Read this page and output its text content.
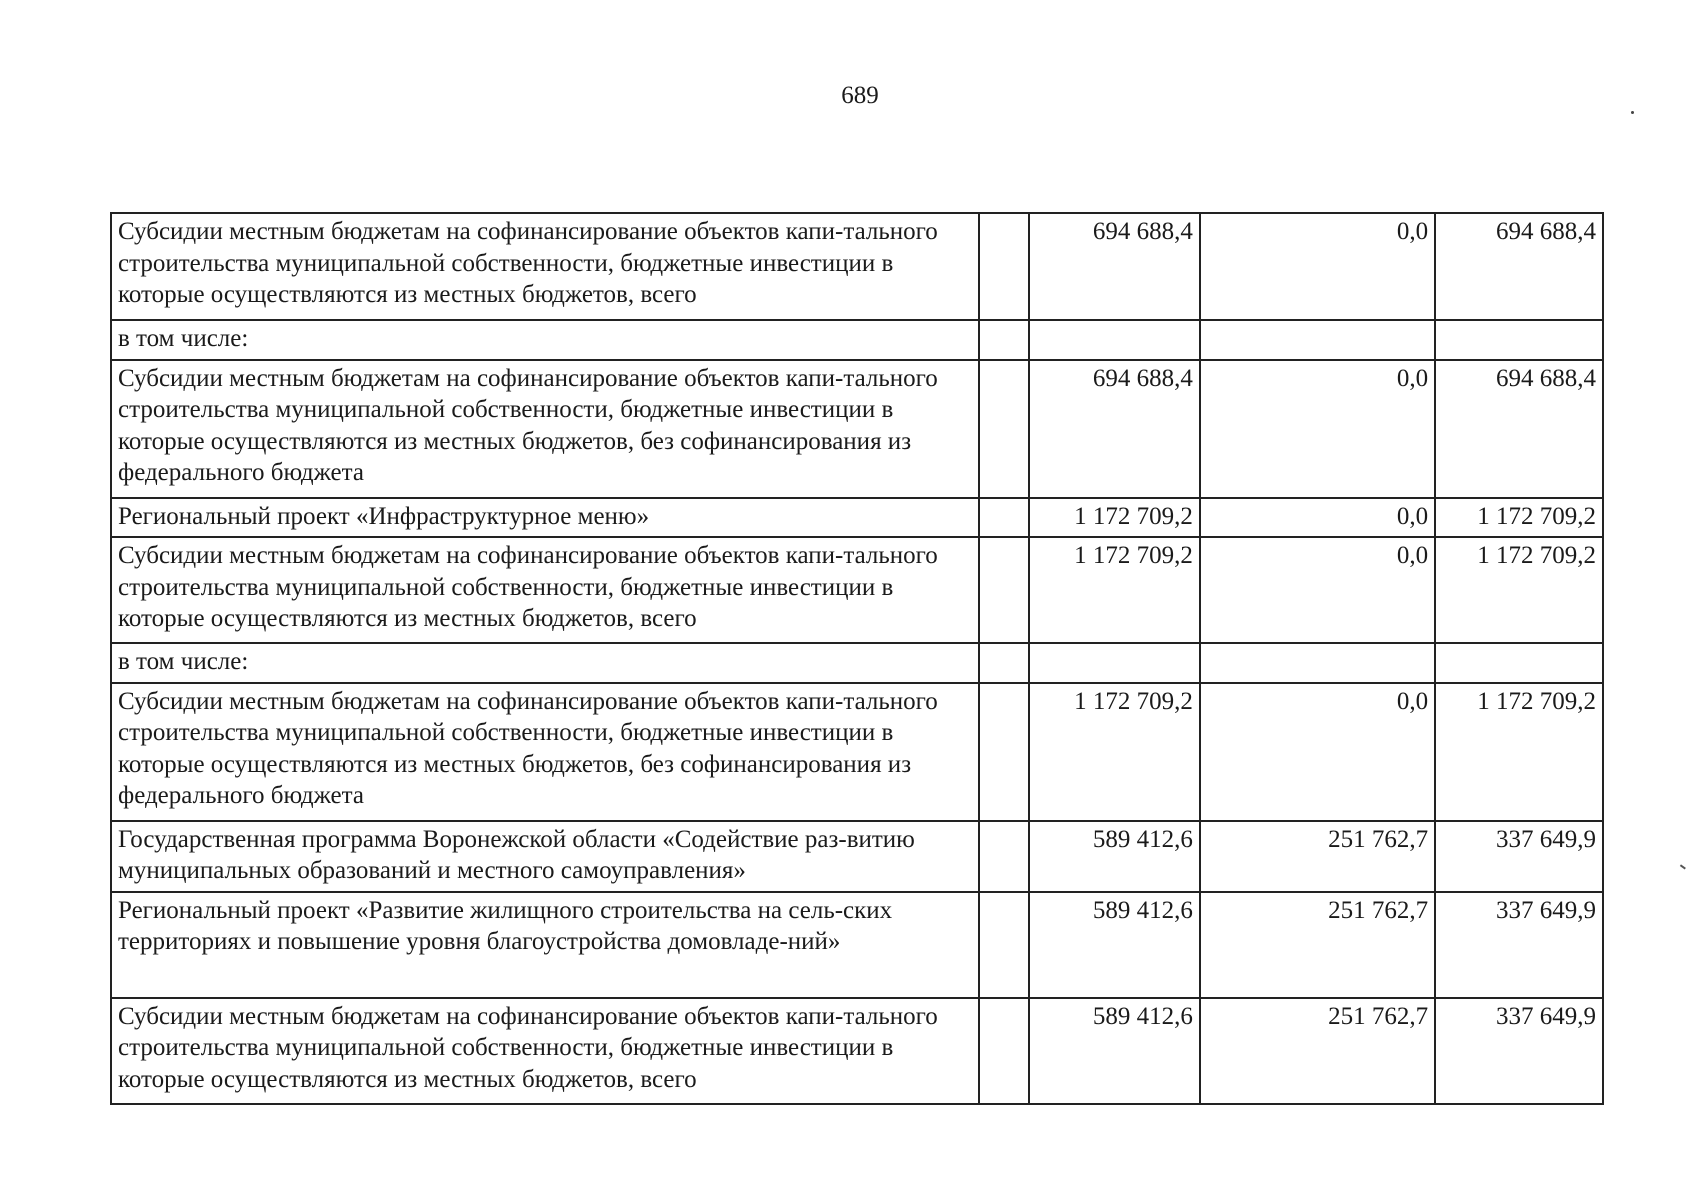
689
Субсидии местным бюджетам на софинансирование объектов капи-тального строительства муниципальной собственности, бюджетные инвестиции в которые осуществляются из местных бюджетов, всего		694 688,4	0,0	694 688,4
в том числе:				
Субсидии местным бюджетам на софинансирование объектов капи-тального строительства муниципальной собственности, бюджетные инвестиции в которые осуществляются из местных бюджетов, без софинансирования из федерального бюджета		694 688,4	0,0	694 688,4
Региональный проект «Инфраструктурное меню»		1 172 709,2	0,0	1 172 709,2
Субсидии местным бюджетам на софинансирование объектов капи-тального строительства муниципальной собственности, бюджетные инвестиции в которые осуществляются из местных бюджетов, всего		1 172 709,2	0,0	1 172 709,2
в том числе:				
Субсидии местным бюджетам на софинансирование объектов капи-тального строительства муниципальной собственности, бюджетные инвестиции в которые осуществляются из местных бюджетов, без софинансирования из федерального бюджета		1 172 709,2	0,0	1 172 709,2
Государственная программа Воронежской области «Содействие раз-витию муниципальных образований и местного самоуправления»		589 412,6	251 762,7	337 649,9
Региональный проект «Развитие жилищного строительства на сель-ских территориях и повышение уровня благоустройства домовладе-ний»		589 412,6	251 762,7	337 649,9
Субсидии местным бюджетам на софинансирование объектов капи-тального строительства муниципальной собственности, бюджетные инвестиции в которые осуществляются из местных бюджетов, всего		589 412,6	251 762,7	337 649,9
